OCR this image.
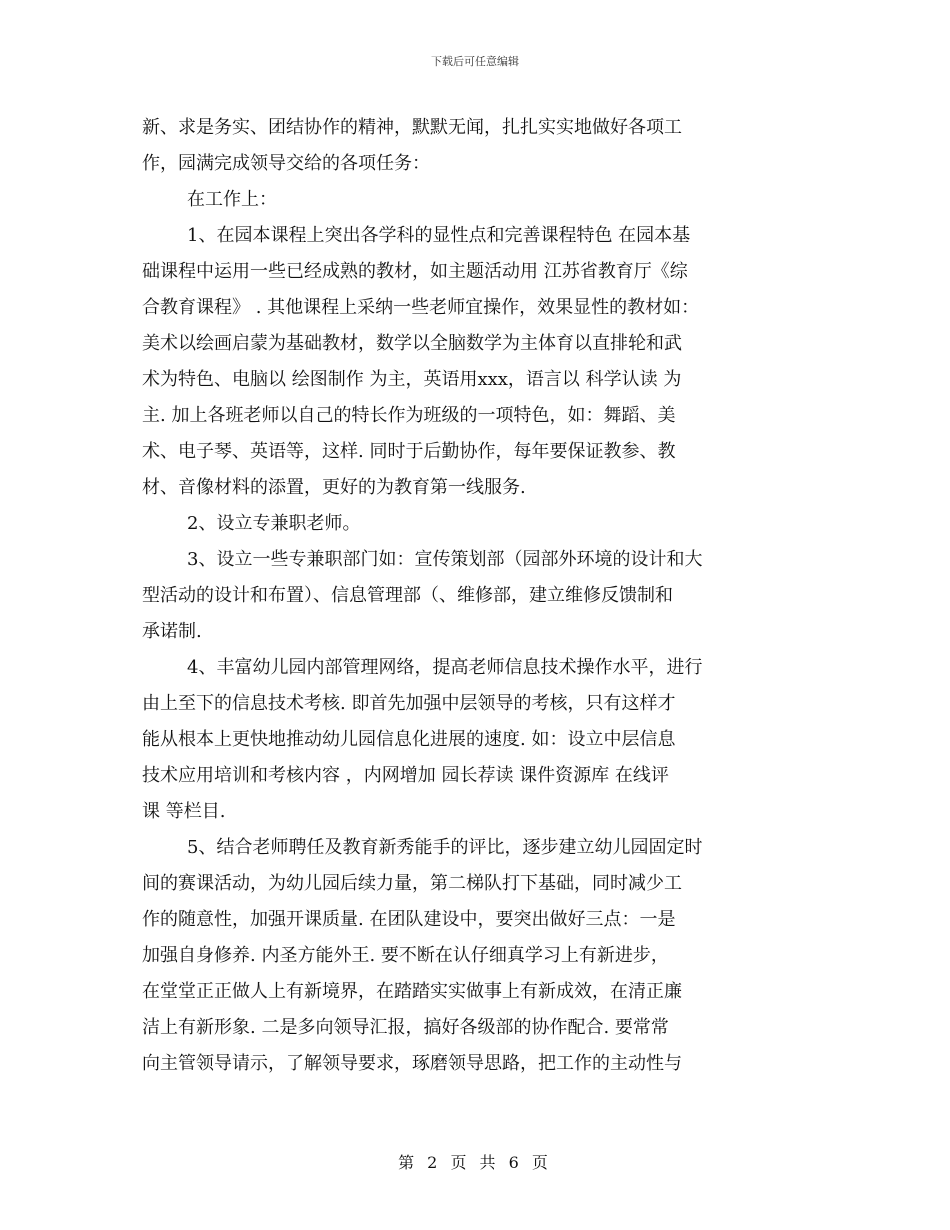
下载后可任意编辑
新、求是务实、团结协作的精神，默默无闻，扎扎实实地做好各项工
作，园满完成领导交给的各项任务：
在工作上：
1、在园本课程上突出各学科的显性点和完善课程特色 在园本基
础课程中运用一些已经成熟的教材，如主题活动用 江苏省教育厅《综
合教育课程》 . 其他课程上采纳一些老师宜操作，效果显性的教材如：
美术以绘画启蒙为基础教材，数学以全脑数学为主体育以直排轮和武
术为特色、电脑以 绘图制作 为主，英语用xxx，语言以 科学认读 为
主. 加上各班老师以自己的特长作为班级的一项特色，如：舞蹈、美
术、电子琴、英语等，这样. 同时于后勤协作，每年要保证教参、教
材、音像材料的添置，更好的为教育第一线服务.
2、设立专兼职老师。
3、设立一些专兼职部门如：宣传策划部（园部外环境的设计和大
型活动的设计和布置）、信息管理部（、维修部，建立维修反馈制和
承诺制.
4、丰富幼儿园内部管理网络，提高老师信息技术操作水平，进行
由上至下的信息技术考核. 即首先加强中层领导的考核，只有这样才
能从根本上更快地推动幼儿园信息化进展的速度. 如：设立中层信息
技术应用培训和考核内容 ，内网增加 园长荐读 课件资源库 在线评
课 等栏目.
5、结合老师聘任及教育新秀能手的评比，逐步建立幼儿园固定时
间的赛课活动，为幼儿园后续力量，第二梯队打下基础，同时减少工
作的随意性，加强开课质量. 在团队建设中，要突出做好三点：一是
加强自身修养. 内圣方能外王. 要不断在认仔细真学习上有新进步，
在堂堂正正做人上有新境界，在踏踏实实做事上有新成效，在清正廉
洁上有新形象. 二是多向领导汇报，搞好各级部的协作配合. 要常常
向主管领导请示，了解领导要求，琢磨领导思路，把工作的主动性与
第 2 页 共 6 页
